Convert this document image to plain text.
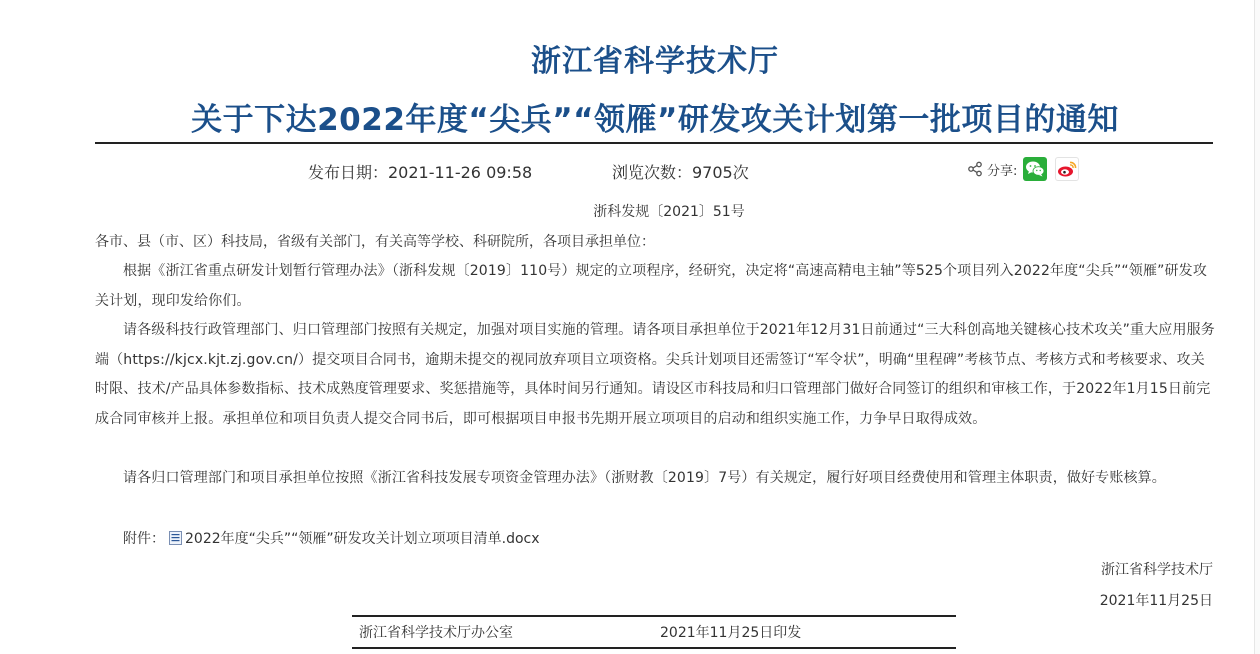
浙江省科学技术厅
关于下达2022年度“尖兵”“领雁”研发攻关计划第一批项目的通知
发布日期：2021-11-26 09:58	浏览次数：9705次	分享:
浙科发规〔2021〕51号

各市、县（市、区）科技局，省级有关部门，有关高等学校、科研院所，各项目承担单位：

根据《浙江省重点研发计划暂行管理办法》（浙科发规〔2019〕110号）规定的立项程序，经研究，决定将“高速高精电主轴”等525个项目列入2022年度“尖兵”“领雁”研发攻关计划，现印发给你们。

请各级科技行政管理部门、归口管理部门按照有关规定，加强对项目实施的管理。请各项目承担单位于2021年12月31日前通过“三大科创高地关键核心技术攻关”重大应用服务端（https://kjcx.kjt.zj.gov.cn/）提交项目合同书，逾期未提交的视同放弃项目立项资格。尖兵计划项目还需签订“军令状”，明确“里程碑”考核节点、考核方式和考核要求、攻关时限、技术/产品具体参数指标、技术成熟度管理要求、奖惩措施等，具体时间另行通知。请设区市科技局和归口管理部门做好合同签订的组织和审核工作，于2022年1月15日前完成合同审核并上报。承担单位和项目负责人提交合同书后，即可根据项目申报书先期开展立项项目的启动和组织实施工作，力争早日取得成效。

请各归口管理部门和项目承担单位按照《浙江省科技发展专项资金管理办法》（浙财教〔2019〕7号）有关规定，履行好项目经费使用和管理主体职责，做好专账核算。

附件： 2022年度“尖兵”“领雁”研发攻关计划立项项目清单.docx
浙江省科学技术厅
2021年11月25日
浙江省科学技术厅办公室	2021年11月25日印发
